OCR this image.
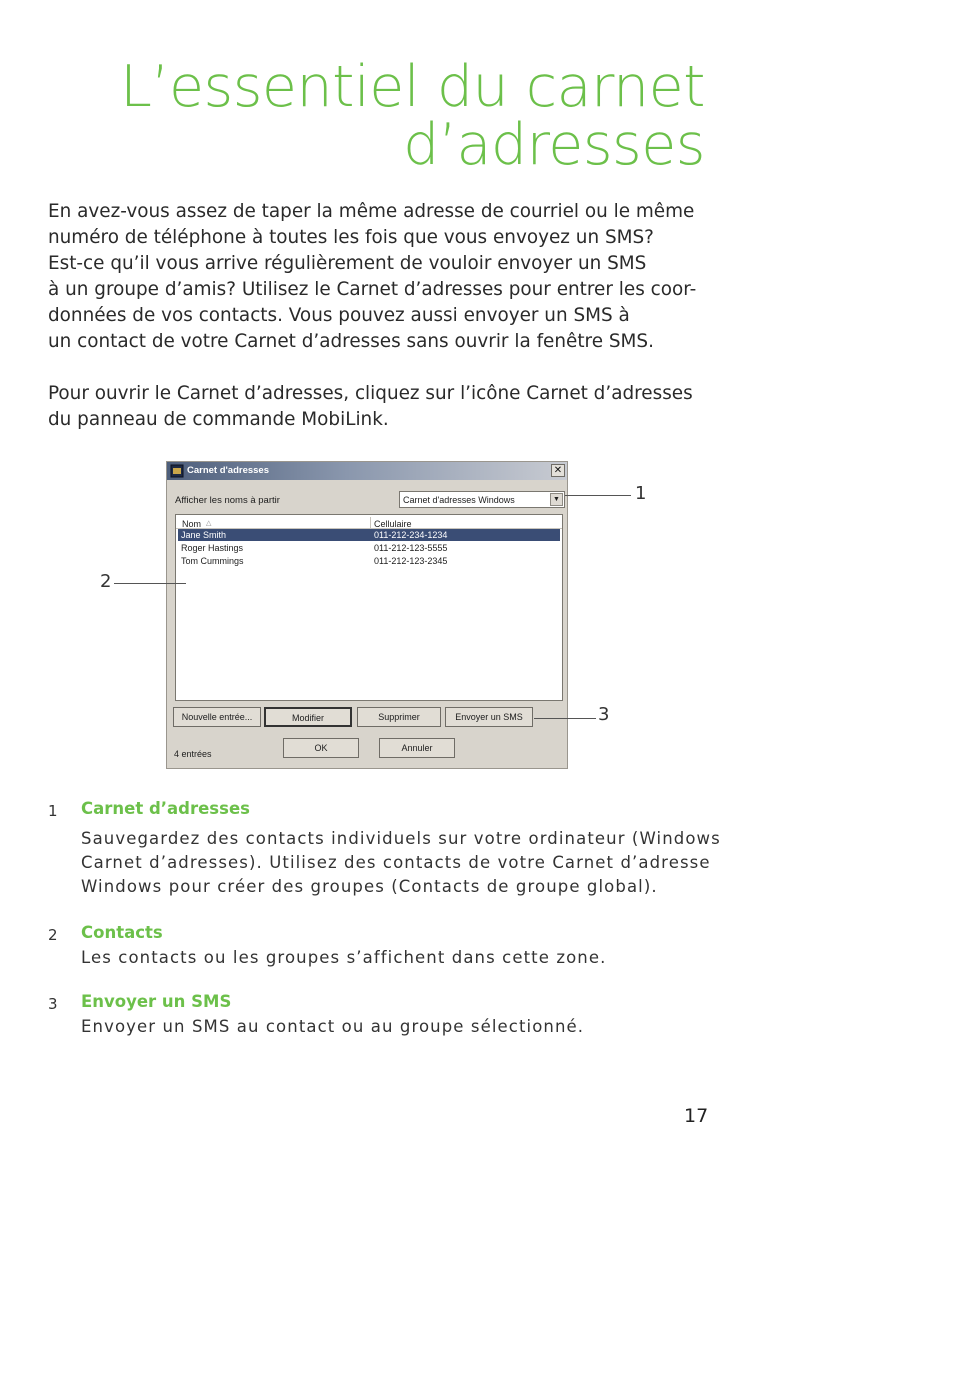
L’essentiel du carnet
d’adresses
En avez-vous assez de taper la même adresse de courriel ou le même
numéro de téléphone à toutes les fois que vous envoyez un SMS?
Est-ce qu’il vous arrive régulièrement de vouloir envoyer un SMS
à un groupe d’amis? Utilisez le Carnet d’adresses pour entrer les coor-
données de vos contacts. Vous pouvez aussi envoyer un SMS à
un contact de votre Carnet d’adresses sans ouvrir la fenêtre SMS.
Pour ouvrir le Carnet d’adresses, cliquez sur l’icône Carnet d’adresses
du panneau de commande MobiLink.
Carnet d'adresses	✕
Afficher les noms à partir	Carnet d'adresses Windows	▼
Nom △	Cellulaire
Jane Smith	011-212-234-1234
Roger Hastings	011-212-123-5555
Tom Cummings	011-212-123-2345
Nouvelle entrée...	Modifier	Supprimer	Envoyer un SMS
OK	Annuler
4 entrées
1
2
3
1 Carnet d’adresses
Sauvegardez des contacts individuels sur votre ordinateur (Windows
Carnet d’adresses). Utilisez des contacts de votre Carnet d’adresse
Windows pour créer des groupes (Contacts de groupe global).
2 Contacts
Les contacts ou les groupes s’affichent dans cette zone.
3 Envoyer un SMS
Envoyer un SMS au contact ou au groupe sélectionné.
17
